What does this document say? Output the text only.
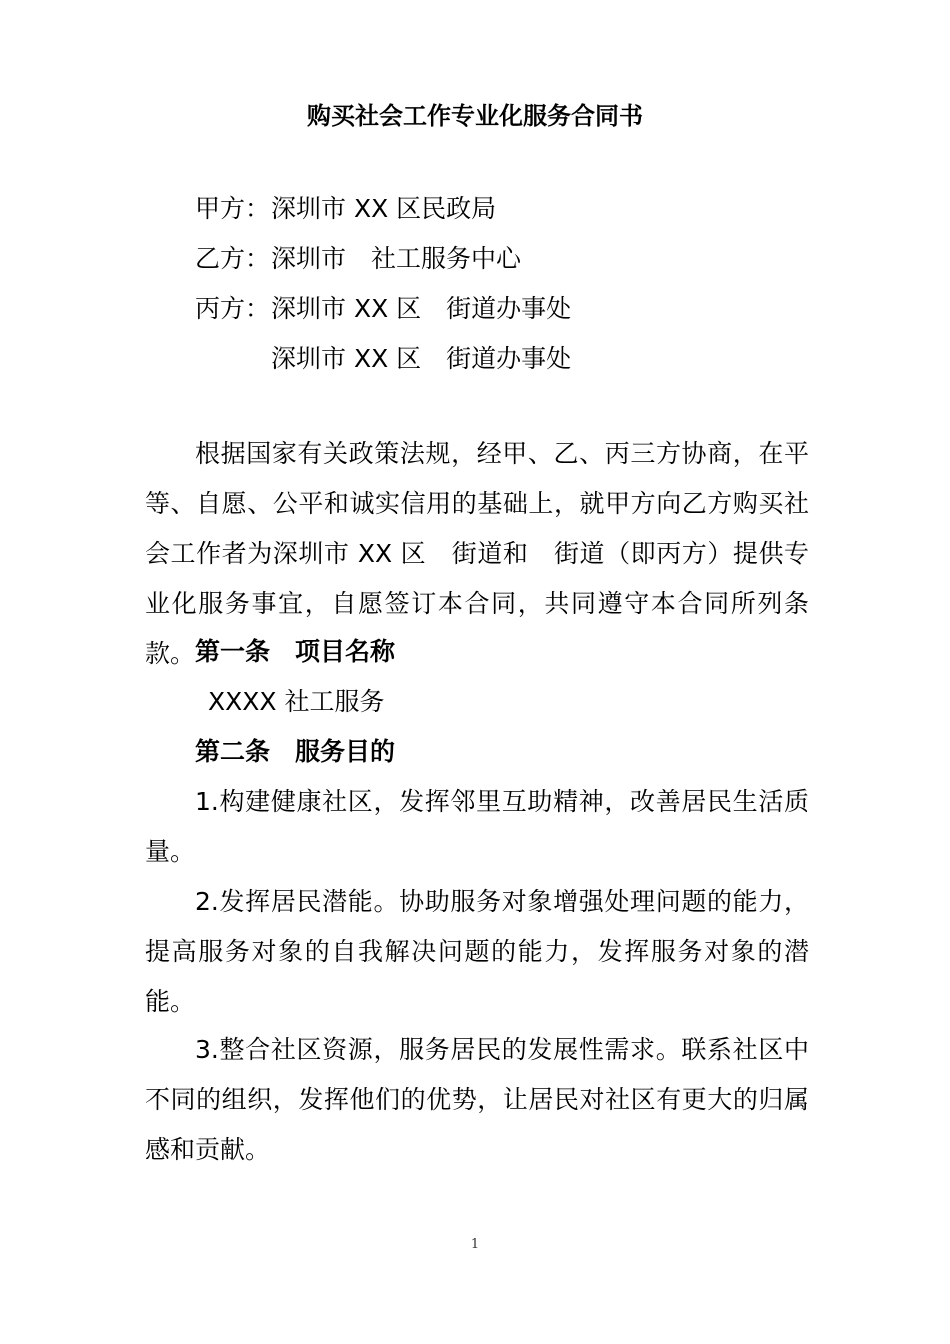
购买社会工作专业化服务合同书
甲方：深圳市 XX 区民政局
乙方：深圳市　社工服务中心
丙方：深圳市 XX 区　街道办事处
深圳市 XX 区　街道办事处

根据国家有关政策法规，经甲、乙、丙三方协商，在平等、自愿、公平和诚实信用的基础上，就甲方向乙方购买社会工作者为深圳市 XX 区　街道和　街道（即丙方）提供专业化服务事宜，自愿签订本合同，共同遵守本合同所列条款。 第一条　项目名称
XXXX 社工服务
第二条　服务目的

1.构建健康社区，发挥邻里互助精神，改善居民生活质量。

2.发挥居民潜能。协助服务对象增强处理问题的能力，提高服务对象的自我解决问题的能力，发挥服务对象的潜能。

3.整合社区资源，服务居民的发展性需求。联系社区中不同的组织，发挥他们的优势，让居民对社区有更大的归属感和贡献。

1
